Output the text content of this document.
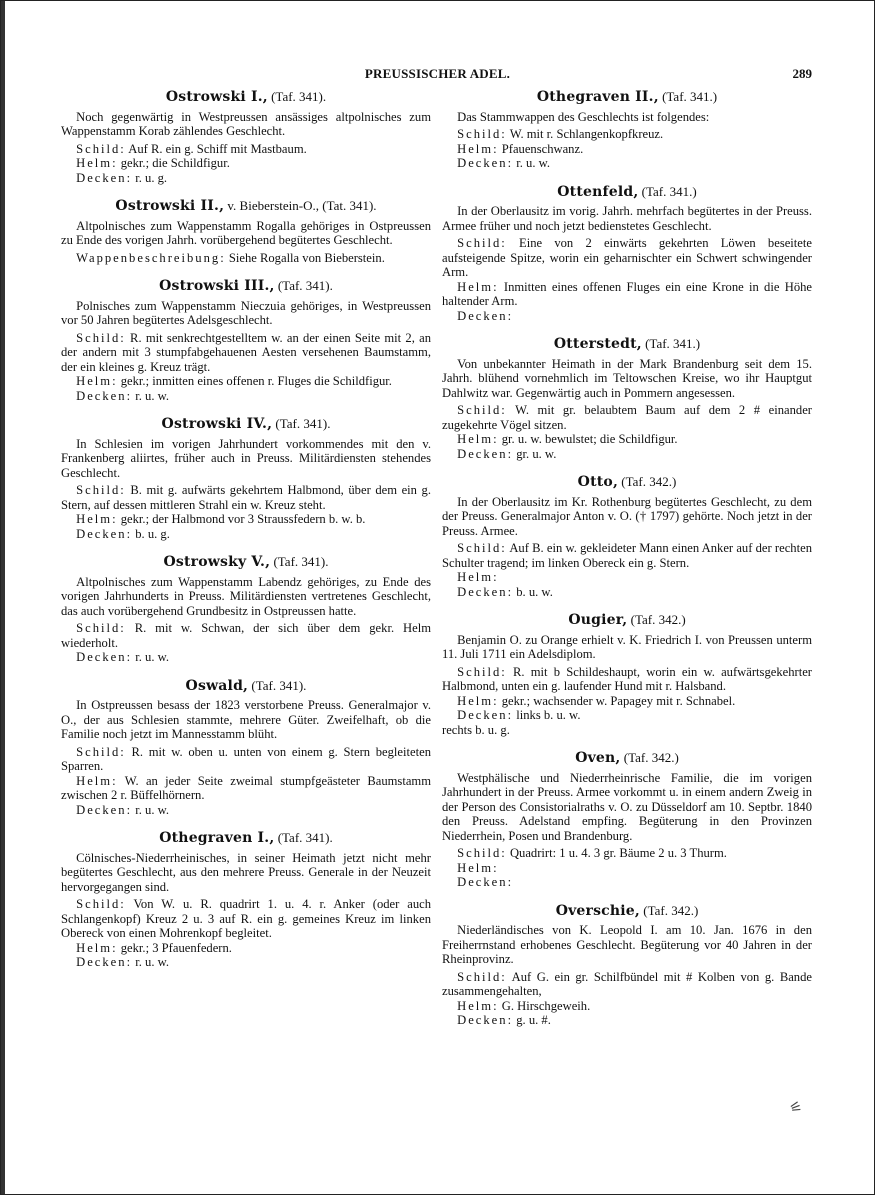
PREUSSISCHER ADEL.	289
Ostrowski I., (Taf. 341).

Noch gegenwärtig in Westpreussen ansässiges altpolnisches zum Wappenstamm Korab zählendes Geschlecht.

Schild: Auf R. ein g. Schiff mit Mastbaum.

Helm: gekr.; die Schildfigur.

Decken: r. u. g.

Ostrowski II., v. Bieberstein-O., (Tat. 341).

Altpolnisches zum Wappenstamm Rogalla gehöriges in Ostpreussen zu Ende des vorigen Jahrh. vorübergehend begütertes Geschlecht.

Wappenbeschreibung: Siehe Rogalla von Bieberstein.

Ostrowski III., (Taf. 341).

Polnisches zum Wappenstamm Nieczuia gehöriges, in Westpreussen vor 50 Jahren begütertes Adelsgeschlecht.

Schild: R. mit senkrechtgestelltem w. an der einen Seite mit 2, an der andern mit 3 stumpfabgehauenen Aesten versehenen Baumstamm, der ein kleines g. Kreuz trägt.

Helm: gekr.; inmitten eines offenen r. Fluges die Schildfigur.

Decken: r. u. w.

Ostrowski IV., (Taf. 341).

In Schlesien im vorigen Jahrhundert vorkommendes mit den v. Frankenberg aliirtes, früher auch in Preuss. Militärdiensten stehendes Geschlecht.

Schild: B. mit g. aufwärts gekehrtem Halbmond, über dem ein g. Stern, auf dessen mittleren Strahl ein w. Kreuz steht.

Helm: gekr.; der Halbmond vor 3 Straussfedern b. w. b.

Decken: b. u. g.

Ostrowsky V., (Taf. 341).

Altpolnisches zum Wappenstamm Labendz gehöriges, zu Ende des vorigen Jahrhunderts in Preuss. Militärdiensten vertretenes Geschlecht, das auch vorübergehend Grundbesitz in Ostpreussen hatte.

Schild: R. mit w. Schwan, der sich über dem gekr. Helm wiederholt.

Decken: r. u. w.

Oswald, (Taf. 341).

In Ostpreussen besass der 1823 verstorbene Preuss. Generalmajor v. O., der aus Schlesien stammte, mehrere Güter. Zweifelhaft, ob die Familie noch jetzt im Mannesstamm blüht.

Schild: R. mit w. oben u. unten von einem g. Stern begleiteten Sparren.

Helm: W. an jeder Seite zweimal stumpfgeästeter Baumstamm zwischen 2 r. Büffelhörnern.

Decken: r. u. w.

Othegraven I., (Taf. 341).

Cölnisches-Niederrheinisches, in seiner Heimath jetzt nicht mehr begütertes Geschlecht, aus den mehrere Preuss. Generale in der Neuzeit hervorgegangen sind.

Schild: Von W. u. R. quadrirt 1. u. 4. r. Anker (oder auch Schlangenkopf) Kreuz 2 u. 3 auf R. ein g. gemeines Kreuz im linken Obereck von einen Mohrenkopf begleitet.

Helm: gekr.; 3 Pfauenfedern.

Decken: r. u. w.

Othegraven II., (Taf. 341.)

Das Stammwappen des Geschlechts ist folgendes:

Schild: W. mit r. Schlangenkopfkreuz.

Helm: Pfauenschwanz.

Decken: r. u. w.

Ottenfeld, (Taf. 341.)

In der Oberlausitz im vorig. Jahrh. mehrfach begütertes in der Preuss. Armee früher und noch jetzt bedienstetes Geschlecht.

Schild: Eine von 2 einwärts gekehrten Löwen beseitete aufsteigende Spitze, worin ein geharnischter ein Schwert schwingender Arm.

Helm: Inmitten eines offenen Fluges ein eine Krone in die Höhe haltender Arm.

Decken:

Otterstedt, (Taf. 341.)

Von unbekannter Heimath in der Mark Brandenburg seit dem 15. Jahrh. blühend vornehmlich im Teltowschen Kreise, wo ihr Hauptgut Dahlwitz war. Gegenwärtig auch in Pommern angesessen.

Schild: W. mit gr. belaubtem Baum auf dem 2 # einander zugekehrte Vögel sitzen.

Helm: gr. u. w. bewulstet; die Schildfigur.

Decken: gr. u. w.

Otto, (Taf. 342.)

In der Oberlausitz im Kr. Rothenburg begütertes Geschlecht, zu dem der Preuss. Generalmajor Anton v. O. († 1797) gehörte. Noch jetzt in der Preuss. Armee.

Schild: Auf B. ein w. gekleideter Mann einen Anker auf der rechten Schulter tragend; im linken Obereck ein g. Stern.

Helm:

Decken: b. u. w.

Ougier, (Taf. 342.)

Benjamin O. zu Orange erhielt v. K. Friedrich I. von Preussen unterm 11. Juli 1711 ein Adelsdiplom.

Schild: R. mit b Schildeshaupt, worin ein w. aufwärtsgekehrter Halbmond, unten ein g. laufender Hund mit r. Halsband.

Helm: gekr.; wachsender w. Papagey mit r. Schnabel.

Decken: links b. u. w.
rechts b. u. g.

Oven, (Taf. 342.)

Westphälische und Niederrheinrische Familie, die im vorigen Jahrhundert in der Preuss. Armee vorkommt u. in einem andern Zweig in der Person des Consistorialraths v. O. zu Düsseldorf am 10. Septbr. 1840 den Preuss. Adelstand empfing. Begüterung in den Provinzen Niederrhein, Posen und Brandenburg.

Schild: Quadrirt: 1 u. 4. 3 gr. Bäume 2 u. 3 Thurm.

Helm:

Decken:

Overschie, (Taf. 342.)

Niederländisches von K. Leopold I. am 10. Jan. 1676 in den Freiherrnstand erhobenes Geschlecht. Begüterung vor 40 Jahren in der Rheinprovinz.

Schild: Auf G. ein gr. Schilfbündel mit # Kolben von g. Bande zusammengehalten,

Helm: G. Hirschgeweih.

Decken: g. u. #.

⚟
